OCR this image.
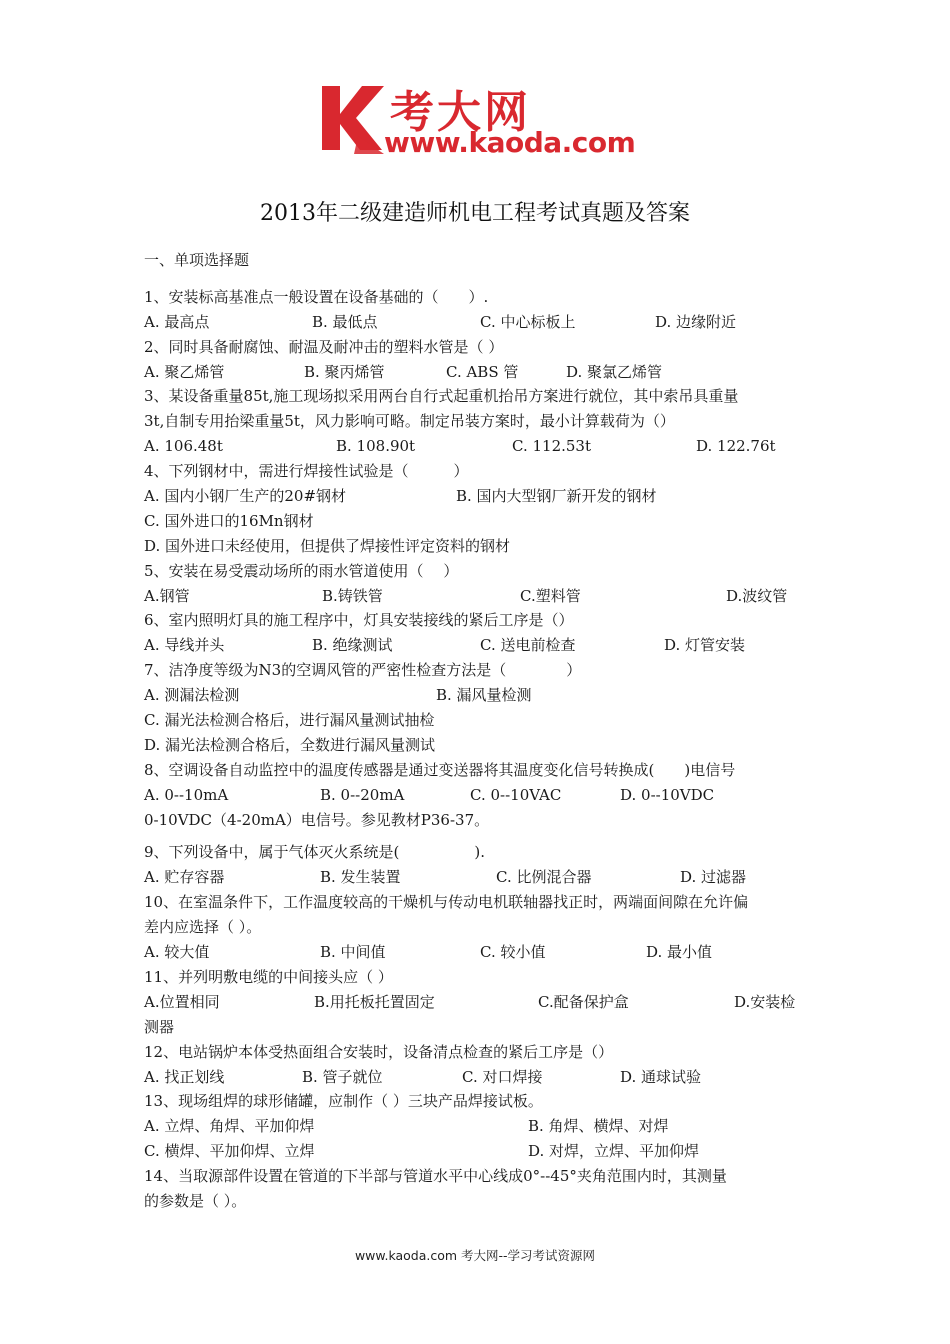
考大网
www.kaoda.com
2013年二级建造师机电工程考试真题及答案
一、单项选择题
1、安装标高基准点一般设置在设备基础的（　　）.

A. 最高点

	B. 最低点

	C. 中心标板上

	D. 边缘附近

2、同时具备耐腐蚀、耐温及耐冲击的塑料水管是（ ）

A. 聚乙烯管

	B. 聚丙烯管

	C. ABS 管

	D. 聚氯乙烯管

3、某设备重量85t,施工现场拟采用两台自行式起重机抬吊方案进行就位，其中索吊具重量
3t,自制专用抬梁重量5t，风力影响可略。制定吊装方案时，最小计算载荷为（）

A. 106.48t

	B. 108.90t

	C. 112.53t

	D. 122.76t

4、下列钢材中，需进行焊接性试验是（　　　）

A. 国内小钢厂生产的20#钢材

	B. 国内大型钢厂新开发的钢材

C. 国外进口的16Mn钢材
D. 国外进口未经使用，但提供了焊接性评定资料的钢材
5、安装在易受震动场所的雨水管道使用（　 ）

A.钢管

	B.铸铁管

	C.塑料管

	D.波纹管

6、室内照明灯具的施工程序中，灯具安装接线的紧后工序是（）

A. 导线并头

	B. 绝缘测试

	C. 送电前检查

	D. 灯管安装

7、洁净度等级为N3的空调风管的严密性检查方法是（　　　　）

A. 测漏法检测

	B. 漏风量检测

C. 漏光法检测合格后，进行漏风量测试抽检
D. 漏光法检测合格后，全数进行漏风量测试
8、空调设备自动监控中的温度传感器是通过变送器将其温度变化信号转换成(　　)电信号

A. 0--10mA

	B. 0--20mA

	C. 0--10VAC

	D. 0--10VDC

0-10VDC（4-20mA）电信号。参见教材P36-37。
9、下列设备中，属于气体灭火系统是(　　　　　).

A. 贮存容器

	B. 发生装置

	C. 比例混合器

	D. 过滤器

10、在室温条件下，工作温度较高的干燥机与传动电机联轴器找正时，两端面间隙在允许偏
差内应选择（ ）。

A. 较大值

	B. 中间值

	C. 较小值

	D. 最小值

11、并列明敷电缆的中间接头应（ ）

A.位置相同

	B.用托板托置固定

	C.配备保护盒

	D.安装检

测器
12、电站锅炉本体受热面组合安装时，设备清点检查的紧后工序是（）

A. 找正划线

	B. 管子就位

	C. 对口焊接

	D. 通球试验

13、现场组焊的球形储罐，应制作（ ）三块产品焊接试板。

A. 立焊、角焊、平加仰焊

	B. 角焊、横焊、对焊

C. 横焊、平加仰焊、立焊

	D. 对焊，立焊、平加仰焊

14、当取源部件设置在管道的下半部与管道水平中心线成0°--45°夹角范围内时，其测量
的参数是（ ）。
www.kaoda.com 考大网--学习考试资源网
